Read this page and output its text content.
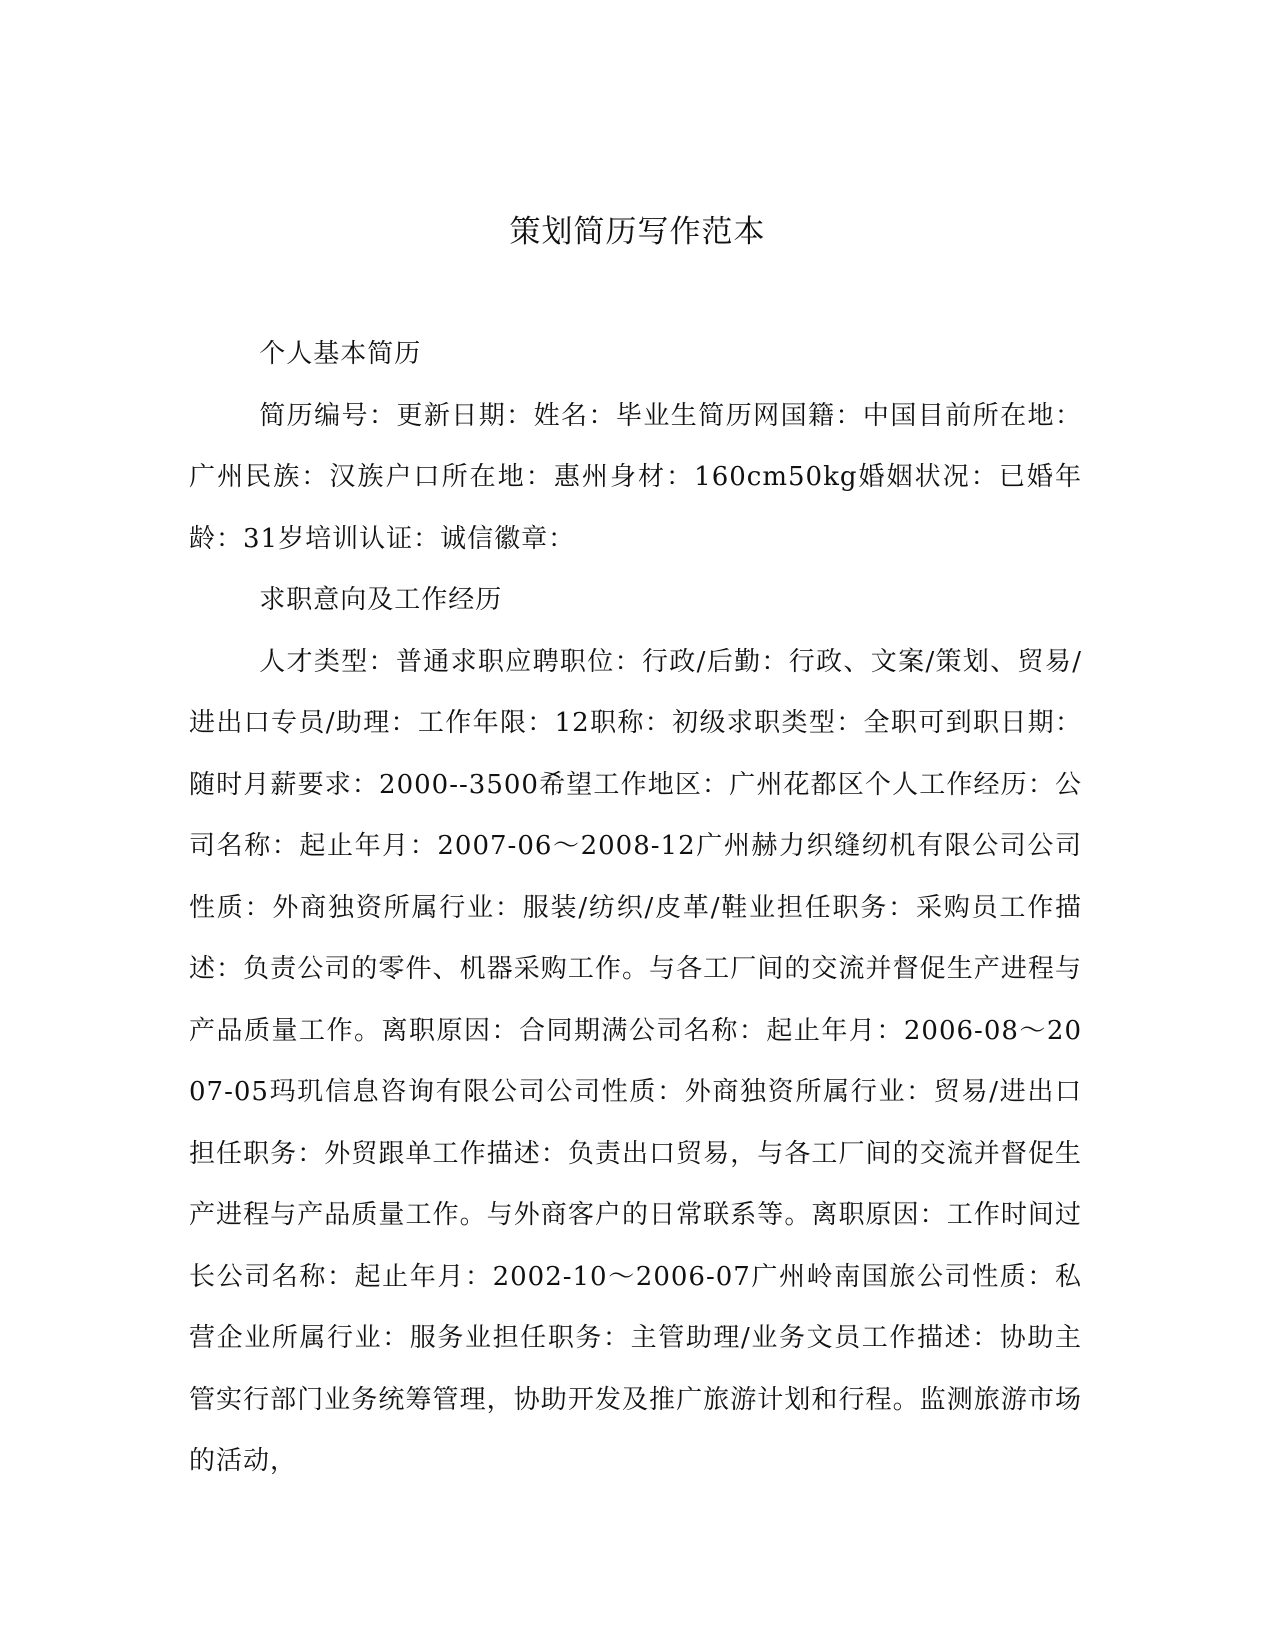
策划简历写作范本

个人基本简历

简历编号：更新日期：姓名：毕业生简历网国籍：中国目前所在地：广州民族：汉族户口所在地：惠州身材：160cm50kg婚姻状况：已婚年龄：31岁培训认证：诚信徽章：

求职意向及工作经历

人才类型：普通求职应聘职位：行政/后勤：行政、文案/策划、贸易/进出口专员/助理：工作年限：12职称：初级求职类型：全职可到职日期：随时月薪要求：2000--3500希望工作地区：广州花都区个人工作经历：公司名称：起止年月：2007-06～2008-12广州赫力织缝纫机有限公司公司性质：外商独资所属行业：服装/纺织/皮革/鞋业担任职务：采购员工作描述：负责公司的零件、机器采购工作。与各工厂间的交流并督促生产进程与产品质量工作。离职原因：合同期满公司名称：起止年月：2006-08～2007-05玛玑信息咨询有限公司公司性质：外商独资所属行业：贸易/进出口担任职务：外贸跟单工作描述：负责出口贸易，与各工厂间的交流并督促生产进程与产品质量工作。与外商客户的日常联系等。离职原因：工作时间过长公司名称：起止年月：2002-10～2006-07广州岭南国旅公司性质：私营企业所属行业：服务业担任职务：主管助理/业务文员工作描述：协助主管实行部门业务统筹管理，协助开发及推广旅游计划和行程。监测旅游市场的活动，
